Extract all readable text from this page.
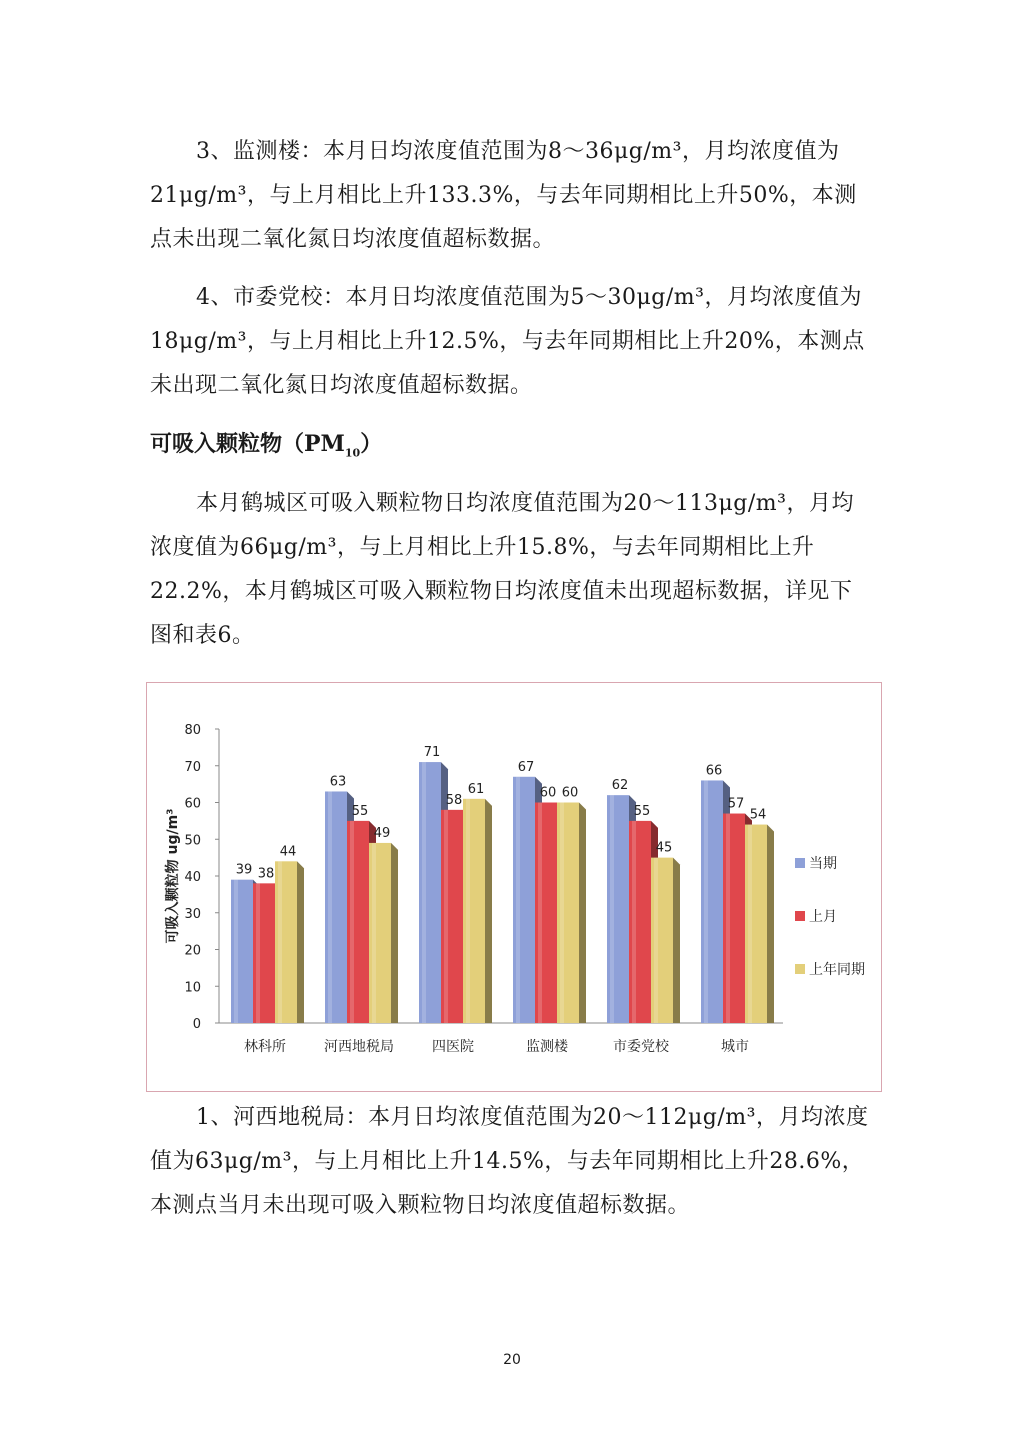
3、监测楼：本月日均浓度值范围为8～36μg/m³，月均浓度值为21μg/m³，与上月相比上升133.3%，与去年同期相比上升50%，本测点未出现二氧化氮日均浓度值超标数据。

4、市委党校：本月日均浓度值范围为5～30μg/m³，月均浓度值为18μg/m³，与上月相比上升12.5%，与去年同期相比上升20%，本测点未出现二氧化氮日均浓度值超标数据。

可吸入颗粒物$(PM_{10})$

本月鹤城区可吸入颗粒物日均浓度值范围为20～113μg/m³，月均浓度值为66μg/m³，与上月相比上升15.8%，与去年同期相比上升22.2%，本月鹤城区可吸入颗粒物日均浓度值未出现超标数据，详见下图和表6。

0
10
20
30
40
50
60
70
80
可吸入颗粒物 ug/m³	39 38
44
林科所
63
55
49
河西地税局
71
58
61
四医院
67
60 60
监测楼
62
55
45
市委党校
66
57
54
城市
当期
上月
上年同期

1、河西地税局：本月日均浓度值范围为20～112μg/m³，月均浓度值为63μg/m³，与上月相比上升14.5%，与去年同期相比上升28.6%，本测点当月未出现可吸入颗粒物日均浓度值超标数据。

20
